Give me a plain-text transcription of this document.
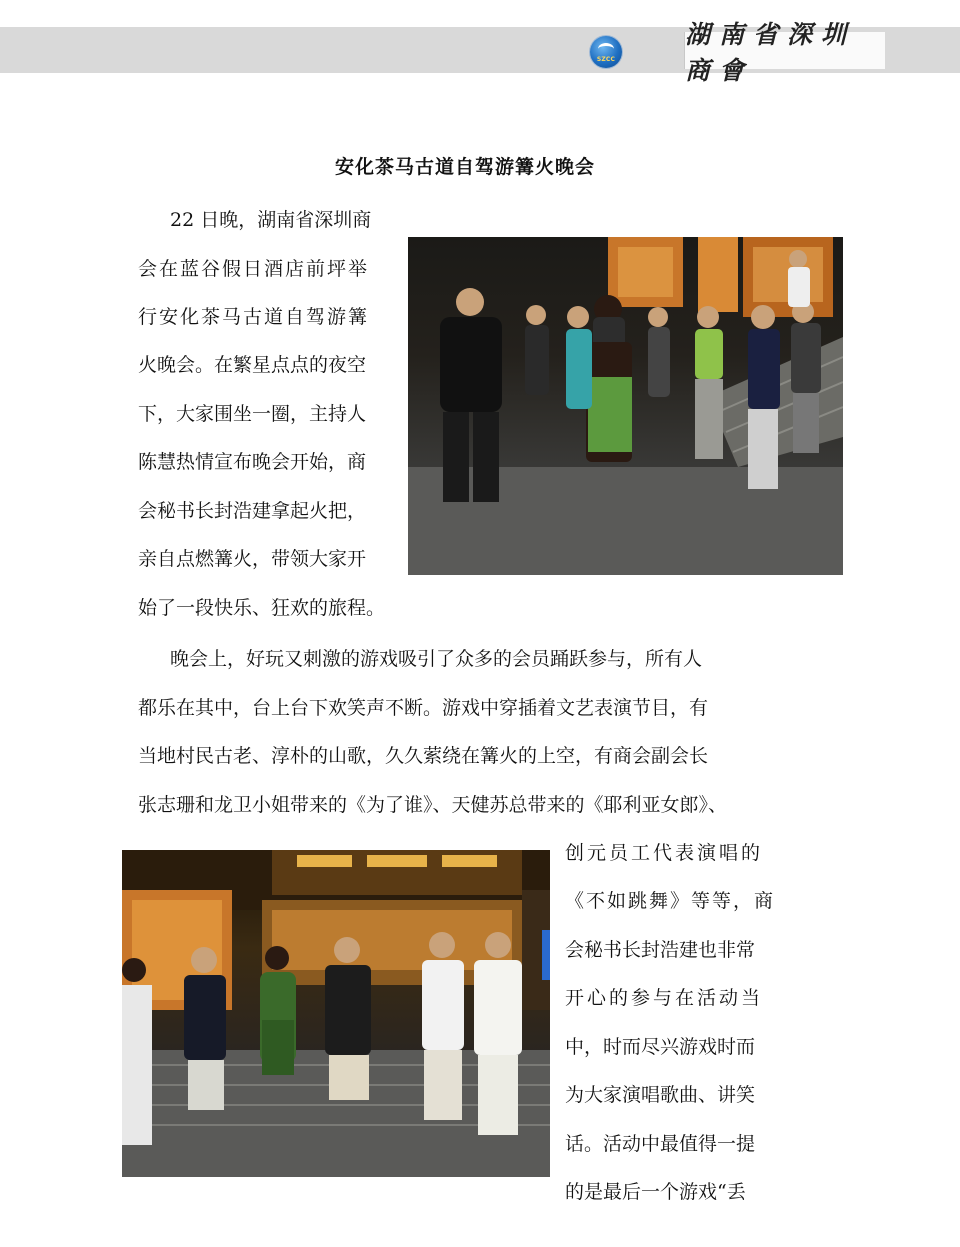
SZCC
湖南省深圳商會
安化茶马古道自驾游篝火晚会
22 日晚，湖南省深圳商
会在蓝谷假日酒店前坪举
行安化茶马古道自驾游篝
火晚会。在繁星点点的夜空
下，大家围坐一圈，主持人
陈慧热情宣布晚会开始，商
会秘书长封浩建拿起火把，
亲自点燃篝火，带领大家开
始了一段快乐、狂欢的旅程。
晚会上，好玩又刺激的游戏吸引了众多的会员踊跃参与，所有人
都乐在其中，台上台下欢笑声不断。游戏中穿插着文艺表演节目，有
当地村民古老、淳朴的山歌，久久萦绕在篝火的上空，有商会副会长
张志珊和龙卫小姐带来的《为了谁》、天健苏总带来的《耶利亚女郎》、
创元员工代表演唱的
《不如跳舞》等等，商
会秘书长封浩建也非常
开心的参与在活动当
中，时而尽兴游戏时而
为大家演唱歌曲、讲笑
话。活动中最值得一提
的是最后一个游戏“丢
